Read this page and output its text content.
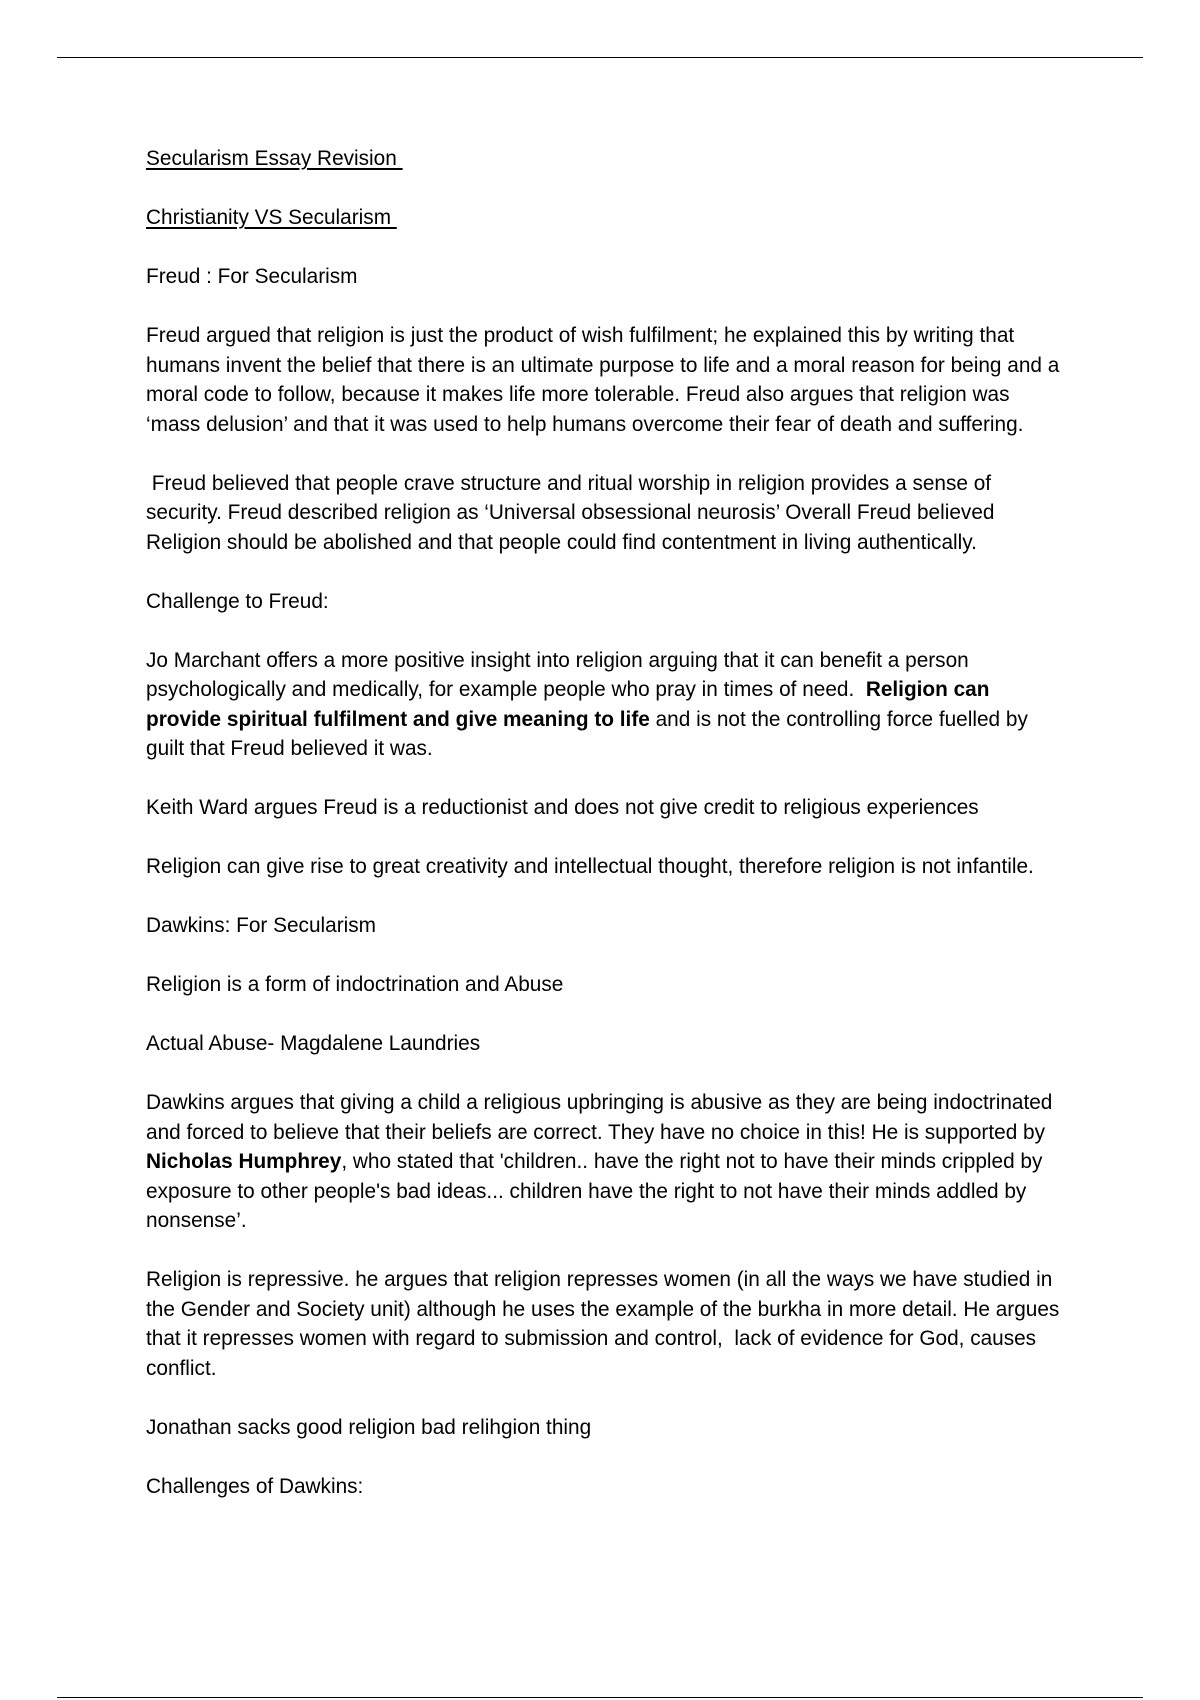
Secularism Essay Revision

Christianity VS Secularism

Freud : For Secularism

Freud argued that religion is just the product of wish fulfilment; he explained this by writing that humans invent the belief that there is an ultimate purpose to life and a moral reason for being and a moral code to follow, because it makes life more tolerable. Freud also argues that religion was ‘mass delusion’ and that it was used to help humans overcome their fear of death and suffering.

Freud believed that people crave structure and ritual worship in religion provides a sense of security. Freud described religion as ‘Universal obsessional neurosis’ Overall Freud believed Religion should be abolished and that people could find contentment in living authentically.

Challenge to Freud:

Jo Marchant offers a more positive insight into religion arguing that it can benefit a person psychologically and medically, for example people who pray in times of need.  Religion can provide spiritual fulfilment and give meaning to life and is not the controlling force fuelled by guilt that Freud believed it was.

Keith Ward argues Freud is a reductionist and does not give credit to religious experiences

Religion can give rise to great creativity and intellectual thought, therefore religion is not infantile.

Dawkins: For Secularism

Religion is a form of indoctrination and Abuse

Actual Abuse- Magdalene Laundries

Dawkins argues that giving a child a religious upbringing is abusive as they are being indoctrinated and forced to believe that their beliefs are correct. They have no choice in this! He is supported by Nicholas Humphrey, who stated that 'children.. have the right not to have their minds crippled by exposure to other people's bad ideas... children have the right to not have their minds addled by nonsense’.

Religion is repressive. he argues that religion represses women (in all the ways we have studied in the Gender and Society unit) although he uses the example of the burkha in more detail. He argues that it represses women with regard to submission and control,  lack of evidence for God, causes conflict.

Jonathan sacks good religion bad relihgion thing

Challenges of Dawkins:
